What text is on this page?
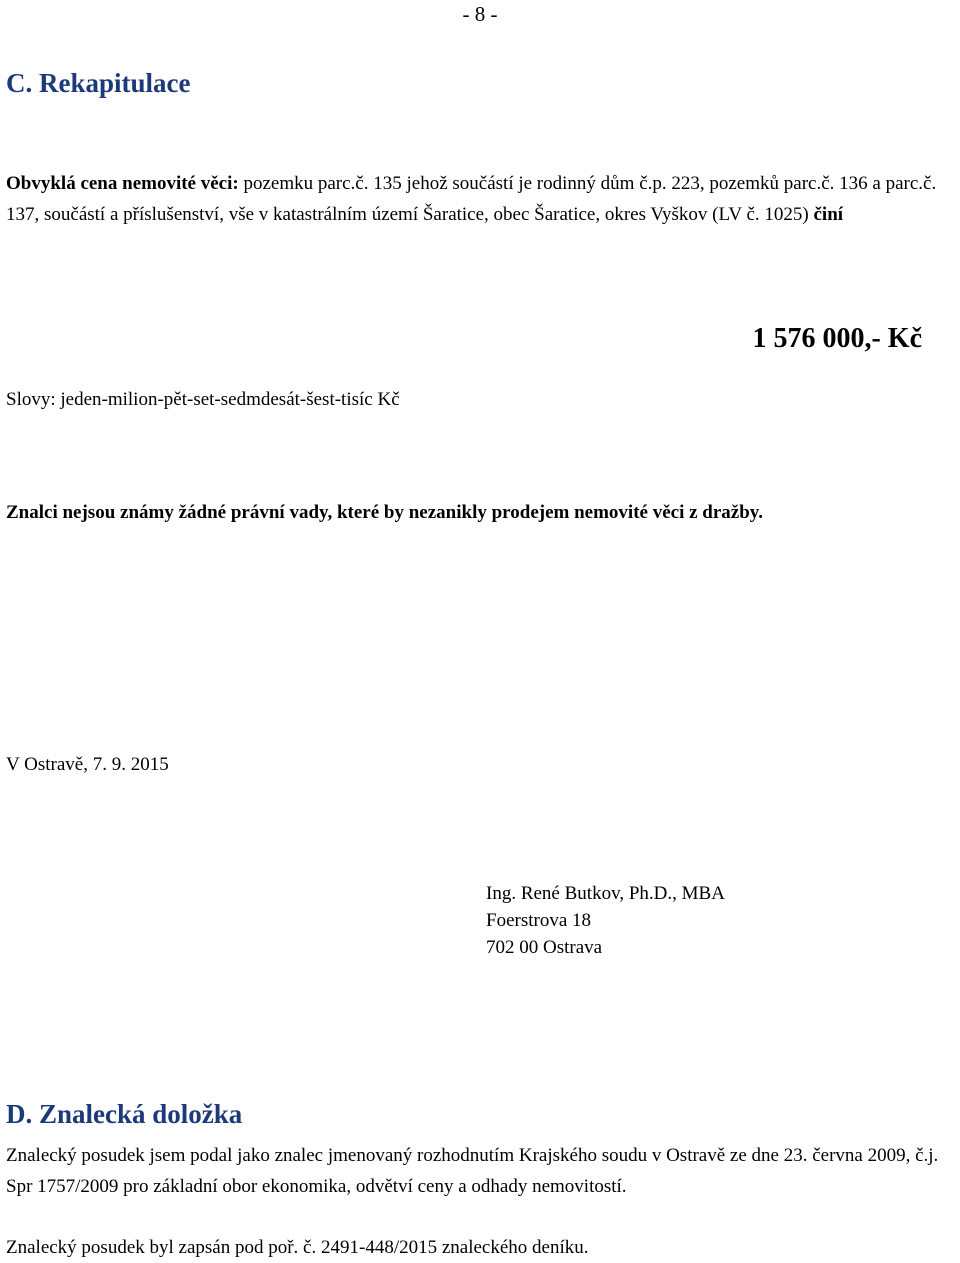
- 8 -
C. Rekapitulace
Obvyklá cena nemovité věci: pozemku parc.č. 135 jehož součástí je rodinný dům č.p. 223, pozemků parc.č. 136 a parc.č. 137, součástí a příslušenství, vše v katastrálním území Šaratice, obec Šaratice, okres Vyškov (LV č. 1025) činí
1 576 000,- Kč
Slovy: jeden-milion-pět-set-sedmdesát-šest-tisíc Kč
Znalci nejsou známy žádné právní vady, které by nezanikly prodejem nemovité věci z dražby.
V Ostravě, 7. 9. 2015
Ing. René Butkov, Ph.D., MBA
Foerstrova 18
702 00 Ostrava
D. Znalecká doložka
Znalecký posudek jsem podal jako znalec jmenovaný rozhodnutím Krajského soudu v Ostravě ze dne 23. června 2009, č.j. Spr 1757/2009 pro základní obor ekonomika, odvětví ceny a odhady nemovitostí.
Znalecký posudek byl zapsán pod poř. č. 2491-448/2015 znaleckého deníku.
